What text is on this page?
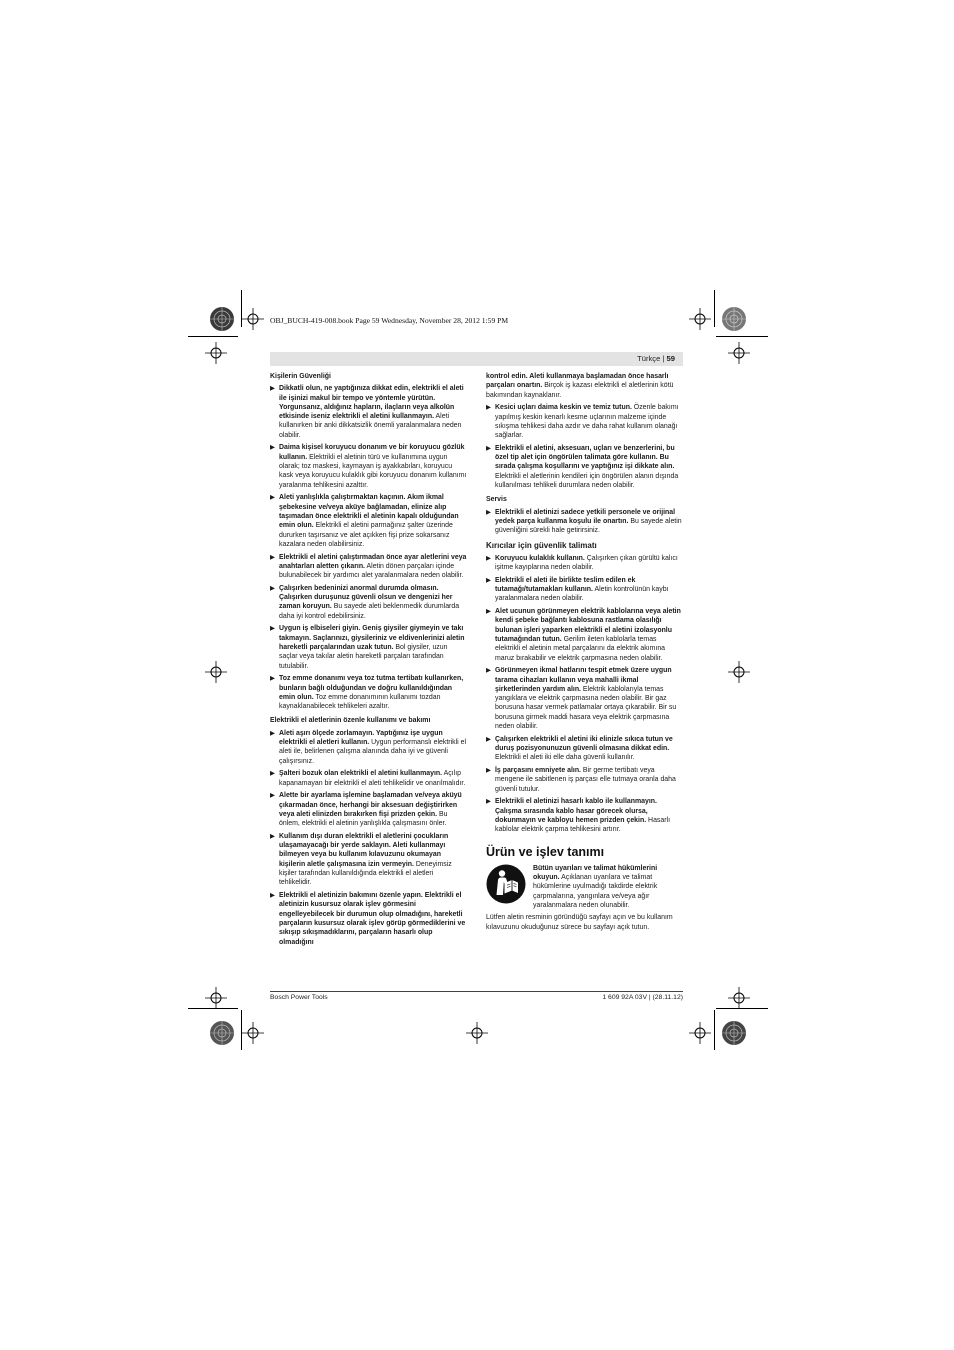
OBJ_BUCH-419-008.book Page 59 Wednesday, November 28, 2012 1:59 PM
Türkçe | 59
Kişilerin Güvenliği
▶ Dikkatli olun, ne yaptığınıza dikkat edin, elektrikli el aleti ile işinizi makul bir tempo ve yöntemle yürütün. Yorgunsanız, aldığınız hapların, ilaçların veya alkolün etkisinde iseniz elektrikli el aletini kullanmayın. Aleti kullanırken bir anki dikkatsizlik önemli yaralanmalara neden olabilir.
▶ Daima kişisel koruyucu donanım ve bir koruyucu gözlük kullanın. Elektrikli el aletinin türü ve kullanımına uygun olarak; toz maskesi, kaymayan iş ayakkabıları, koruyucu kask veya koruyucu kulaklık gibi koruyucu donanım kullanımı yaralanma tehlikesini azalttır.
▶ Aleti yanlışlıkla çalıştırmaktan kaçının. Akım ikmal şebekesine ve/veya aküye bağlamadan, elinize alıp taşımadan önce elektrikli el aletinin kapalı olduğundan emin olun. Elektrikli el aletini parmağınız şalter üzerinde dururken taşırsanız ve alet açıkken fişi prize sokarsanız kazalara neden olabilirsiniz.
▶ Elektrikli el aletini çalıştırmadan önce ayar aletlerini veya anahtarları aletten çıkarın. Aletin dönen parçaları içinde bulunabilecek bir yardımcı alet yaralanmalara neden olabilir.
▶ Çalışırken bedeninizi anormal durumda olmasın. Çalışırken duruşunuz güvenli olsun ve dengenizi her zaman koruyun. Bu sayede aleti beklenmedik durumlarda daha iyi kontrol edebilirsiniz.
▶ Uygun iş elbiseleri giyin. Geniş giysiler giymeyin ve takı takmayın. Saçlarınızı, giysileriniz ve eldivenlerinizi aletin hareketli parçalarından uzak tutun. Bol giysiler, uzun saçlar veya takılar aletin hareketli parçaları tarafından tutulabilir.
▶ Toz emme donanımı veya toz tutma tertibatı kullanırken, bunların bağlı olduğundan ve doğru kullanıldığından emin olun. Toz emme donanımının kullanımı tozdan kaynaklanabilecek tehlikeleri azaltır.
Elektrikli el aletlerinin özenle kullanımı ve bakımı
▶ Aleti aşırı ölçede zorlamayın. Yaptığınız işe uygun elektrikli el aletleri kullanın. Uygun performanslı elektrikli el aleti ile, belirlenen çalışma alanında daha iyi ve güvenli çalışırsınız.
▶ Şalteri bozuk olan elektrikli el aletini kullanmayın. Açılıp kapanamayan bir elektrikli el aleti tehlikelidir ve onarılmalıdır.
▶ Alette bir ayarlama işlemine başlamadan ve/veya aküyü çıkarmadan önce, herhangi bir aksesuarı değiştirirken veya aleti elinizden bırakırken fişi prizden çekin. Bu önlem, elektrikli el aletinin yanlışlıkla çalışmasını önler.
▶ Kullanım dışı duran elektrikli el aletlerini çocukların ulaşamayacağı bir yerde saklayın. Aleti kullanmayı bilmeyen veya bu kullanım kılavuzunu okumayan kişilerin aletle çalışmasına izin vermeyin. Deneyimsiz kişiler tarafından kullanıldığında elektrikli el aletleri tehlikelidir.
▶ Elektrikli el aletinizin bakımını özenle yapın. Elektrikli el aletinizin kusursuz olarak işlev görmesini engelleyebilecek bir durumun olup olmadığını, hareketli parçaların kusursuz olarak işlev görüp görmediklerini ve sıkışıp sıkışmadıklarını, parçaların hasarlı olup olmadığını
kontrol edin. Aleti kullanmaya başlamadan önce hasarlı parçaları onartın. Birçok iş kazası elektrikli el aletlerinin kötü bakımından kaynaklanır.
▶ Kesici uçları daima keskin ve temiz tutun. Özenle bakımı yapılmış keskin kenarlı kesme uçlarının malzeme içinde sıkışma tehlikesi daha azdır ve daha rahat kullanım olanağı sağlarlar.
▶ Elektrikli el aletini, aksesuarı, uçları ve benzerlerini, bu özel tip alet için öngörülen talimata göre kullanın. Bu sırada çalışma koşullarını ve yaptığınız işi dikkate alın. Elektrikli el aletlerinin kendileri için öngörülen alanın dışında kullanılması tehlikeli durumlara neden olabilir.
Servis
▶ Elektrikli el aletinizi sadece yetkili personele ve orijinal yedek parça kullanma koşulu ile onartın. Bu sayede aletin güvenliğini sürekli hale getirirsiniz.
Kırıcılar için güvenlik talimatı
▶ Koruyucu kulaklık kullanın. Çalışırken çıkan gürültü kalıcı işitme kayıplarına neden olabilir.
▶ Elektrikli el aleti ile birlikte teslim edilen ek tutamağı/tutamakları kullanın. Aletin kontrolünün kaybı yaralanmalara neden olabilir.
▶ Alet ucunun görünmeyen elektrik kablolarına veya aletin kendi şebeke bağlantı kablosuna rastlama olasılığı bulunan işleri yaparken elektrikli el aletini izolasyonlu tutamağından tutun. Gerilim ileten kablolarla temas elektrikli el aletinin metal parçalarını da elektrik akımına maruz bırakabilir ve elektrik çarpmasına neden olabilir.
▶ Görünmeyen ikmal hatlarını tespit etmek üzere uygun tarama cihazları kullanın veya mahalli ikmal şirketlerinden yardım alın. Elektrik kablolarıyla temas yangıklara ve elektrik çarpmasına neden olabilir. Bir gaz borusuna hasar vermek patlamalar ortaya çıkarabilir. Bir su borusuna girmek maddi hasara veya elektrik çarpmasına neden olabilir.
▶ Çalışırken elektrikli el aletini iki elinizle sıkıca tutun ve duruş pozisyonunuzun güvenli olmasına dikkat edin. Elektrikli el aleti iki elle daha güvenli kullanılır.
▶ İş parçasını emniyete alın. Bir germe tertibatı veya mengene ile sabitlenen iş parçası elle tutmaya oranla daha güvenli tutulur.
▶ Elektrikli el aletinizi hasarlı kablo ile kullanmayın. Çalışma sırasında kablo hasar görecek olursa, dokunmayın ve kabloyu hemen prizden çekin. Hasarlı kablolar elektrik çarpma tehlikesini artırır.
Ürün ve işlev tanımı

Bütün uyarıları ve talimat hükümlerini okuyun. Açıklanan uyarılara ve talimat hükümlerine uyulmadığı takdirde elektrik çarpmalarına, yangınlara ve/veya ağır yaralanmalara neden olunabilir.

Lütfen aletin resminin göründüğü sayfayı açın ve bu kullanım kılavuzunu okuduğunuz sürece bu sayfayı açık tutun.

Bosch Power Tools	1 609 92A 03V | (28.11.12)
